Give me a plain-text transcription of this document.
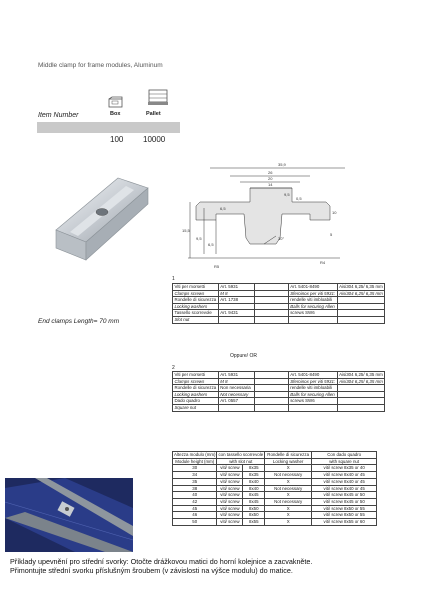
Middle clamp for frame modules, Aluminum
Item Number	Box	Pallet
100 10000
35,9
26
20
14
9,5
0,5
6,5
10
5
15,5
9,5
6,5
30°
R5
R4
End clamps Length= 70 mm
1
Viti per morsetti	Art. 5931		Art. 5401-8490	Aisi304 6,25/ 6,35 mm
Clamps screws	M 8		Sferoinox per viti 5931:	Aisi304 6,25/ 6,35 mm
Rondelle di sicurezza	Art. 1738		rendelle viti imbloabili	
Locking washers			Balls for securing Allen	
Tassello scorrevole	Art. 9431		screws SW6	
Slot nut				
Oppure/ OR
2
Viti per morsetti	Art. 5931		Art. 5401-8490	Aisi304 6,25/ 6,35 mm
Clamps screws	M 8		Sferoinox per viti 5931:	Aisi304 6,25/ 6,35 mm
Rondelle di sicurezza	Non necessaria		rendelle viti imbloabili	
Locking washers	Not necessary		Balls for securing Allen	
Dado quadro	Art. 0557		screws SW6	
Square nut				
Altezza modulo (mm)	con tassello scorrevole		Rondelle di sicurezza	Con dado quadro
Module height (mm)	with slot nut		Locking washer	with square nut
30	viti/ screw	8x35	X	viti/ screw 8x35 or 40
34	viti/ screw	8x35	Not necessary	viti/ screw 8x40 or 45
35	viti/ screw	8x40	X	viti/ screw 8x40 or 45
38	viti/ screw	8x40	Not necessary	viti/ screw 8x40 or 45
40	viti/ screw	8x45	X	viti/ screw 8x45 or 50
42	viti/ screw	8x45	Not necessary	viti/ screw 8x45 or 50
45	viti/ screw	8x50	X	viti/ screw 8x50 or 55
46	viti/ screw	8x50	X	viti/ screw 8x50 or 55
50	viti/ screw	8x55	X	viti/ screw 8x55 or 60
Příklady upevnění pro střední svorky: Otočte drážkovou matici do horní kolejnice a zacvakněte.
Přimontujte střední svorku příslušným šroubem (v závislosti na výšce modulu) do matice.
